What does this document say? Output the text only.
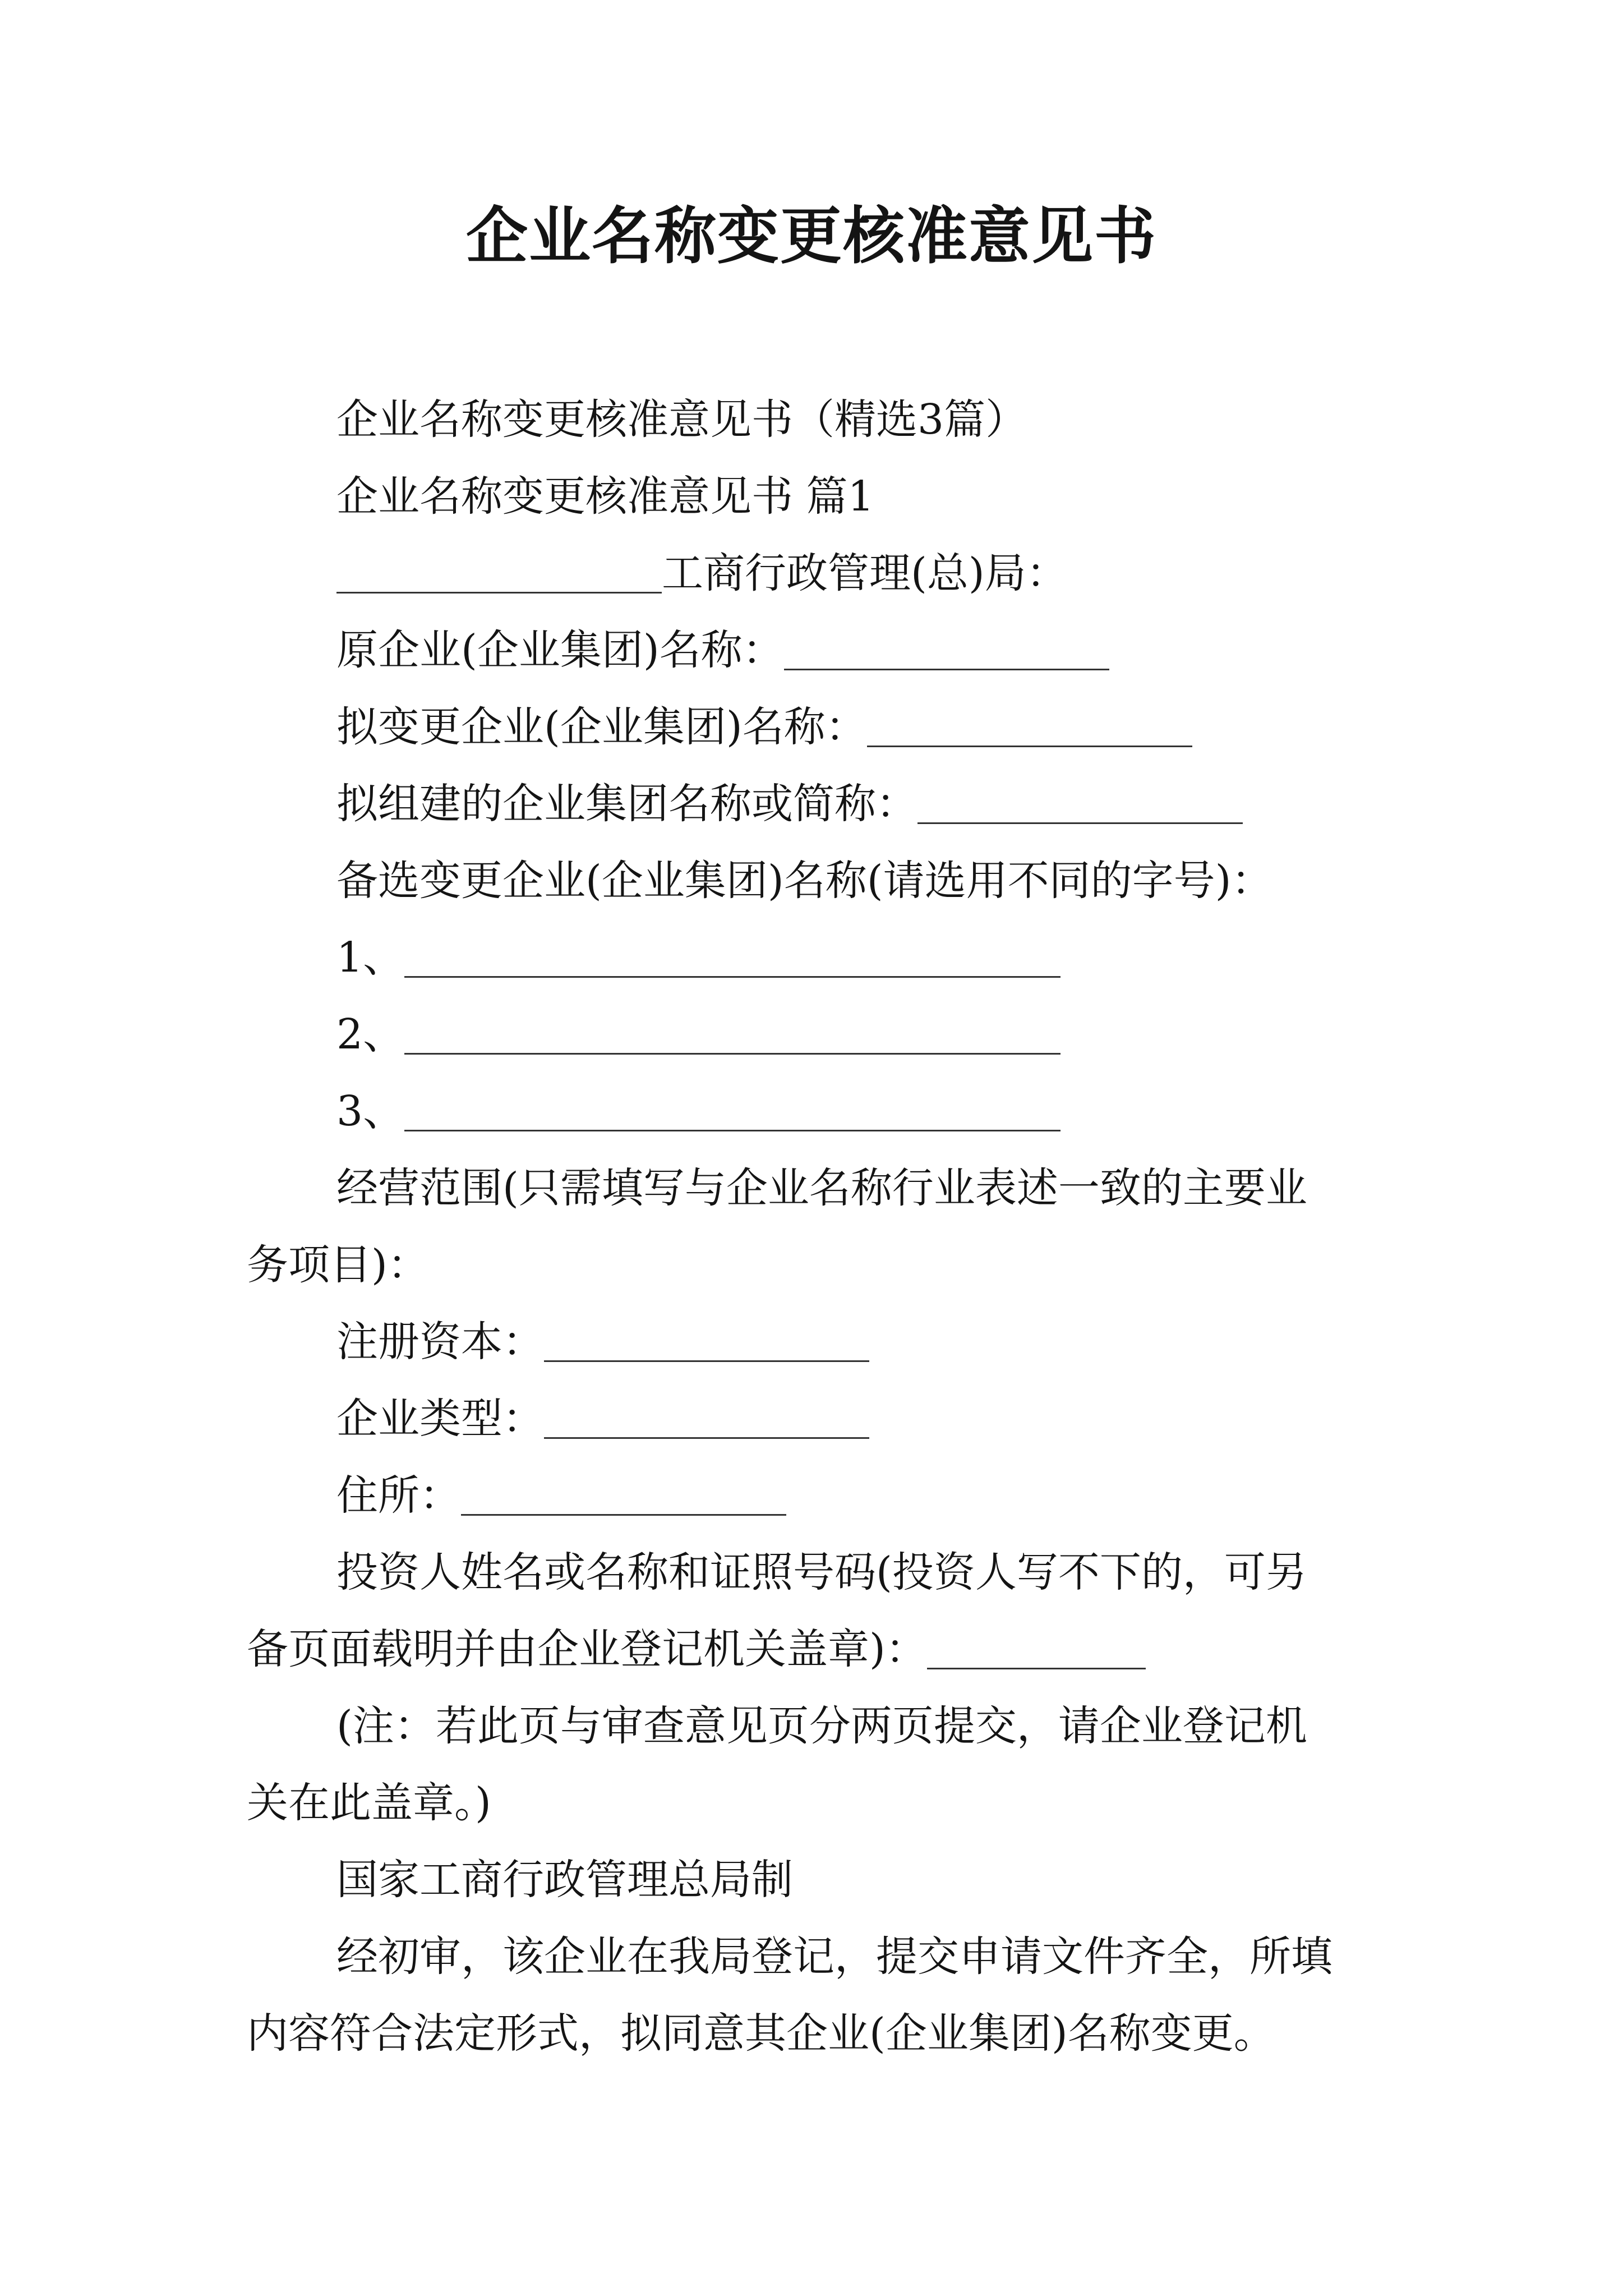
企业名称变更核准意见书
企业名称变更核准意见书（精选3篇）
企业名称变更核准意见书 篇1
工商行政管理(总)局：
原企业(企业集团)名称：
拟变更企业(企业集团)名称：
拟组建的企业集团名称或简称：
备选变更企业(企业集团)名称(请选用不同的字号)：
1、
2、
3、
经营范围(只需填写与企业名称行业表述一致的主要业
务项目)：
注册资本：
企业类型：
住所：
投资人姓名或名称和证照号码(投资人写不下的，可另
备页面载明并由企业登记机关盖章)：
(注：若此页与审查意见页分两页提交，请企业登记机
关在此盖章。)
国家工商行政管理总局制
经初审，该企业在我局登记，提交申请文件齐全，所填
内容符合法定形式，拟同意其企业(企业集团)名称变更。
